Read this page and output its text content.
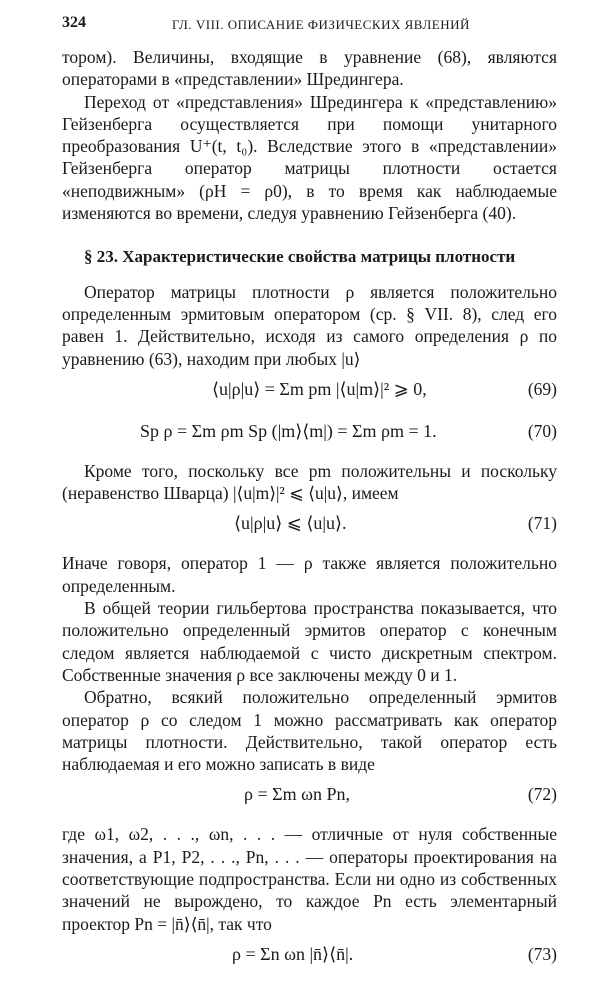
324	ГЛ. VIII. ОПИСАНИЕ ФИЗИЧЕСКИХ ЯВЛЕНИЙ

тором). Величины, входящие в уравнение (68), являются операторами в «представлении» Шредингера.

Переход от «представления» Шредингера к «представлению» Гейзенберга осуществляется при помощи унитарного преобразования U⁺(t, t₀). Вследствие этого в «представлении» Гейзенберга оператор матрицы плотности остается «неподвижным» (ρH = ρ0), в то время как наблюдаемые изменяются во времени, следуя уравнению Гейзенберга (40).

§ 23. Характеристические свойства матрицы плотности

Оператор матрицы плотности ρ является положительно определенным эрмитовым оператором (ср. § VII. 8), след его равен 1. Действительно, исходя из самого определения ρ по уравнению (63), находим при любых |u⟩

⟨u|ρ|u⟩ = Σm pm |⟨u|m⟩|² ⩾ 0,	(69)
Sp ρ = Σm ρm Sp (|m⟩⟨m|) = Σm ρm = 1.	(70)

Кроме того, поскольку все pm положительны и поскольку (неравенство Шварца) |⟨u|m⟩|² ⩽ ⟨u|u⟩, имеем

⟨u|ρ|u⟩ ⩽ ⟨u|u⟩.	(71)

Иначе говоря, оператор 1 — ρ также является положительно определенным.

В общей теории гильбертова пространства показывается, что положительно определенный эрмитов оператор с конечным следом является наблюдаемой с чисто дискретным спектром. Собственные значения ρ все заключены между 0 и 1.

Обратно, всякий положительно определенный эрмитов оператор ρ со следом 1 можно рассматривать как оператор матрицы плотности. Действительно, такой оператор есть наблюдаемая и его можно записать в виде

ρ = Σm ωn Pn,	(72)

где ω1, ω2, . . ., ωn, . . . — отличные от нуля собственные значения, а P1, P2, . . ., Pn, . . . — операторы проектирования на соответствующие подпространства. Если ни одно из собственных значений не вырождено, то каждое Pn есть элементарный проектор Pn = |n̄⟩⟨n̄|, так что

ρ = Σn ωn |n̄⟩⟨n̄|.	(73)
